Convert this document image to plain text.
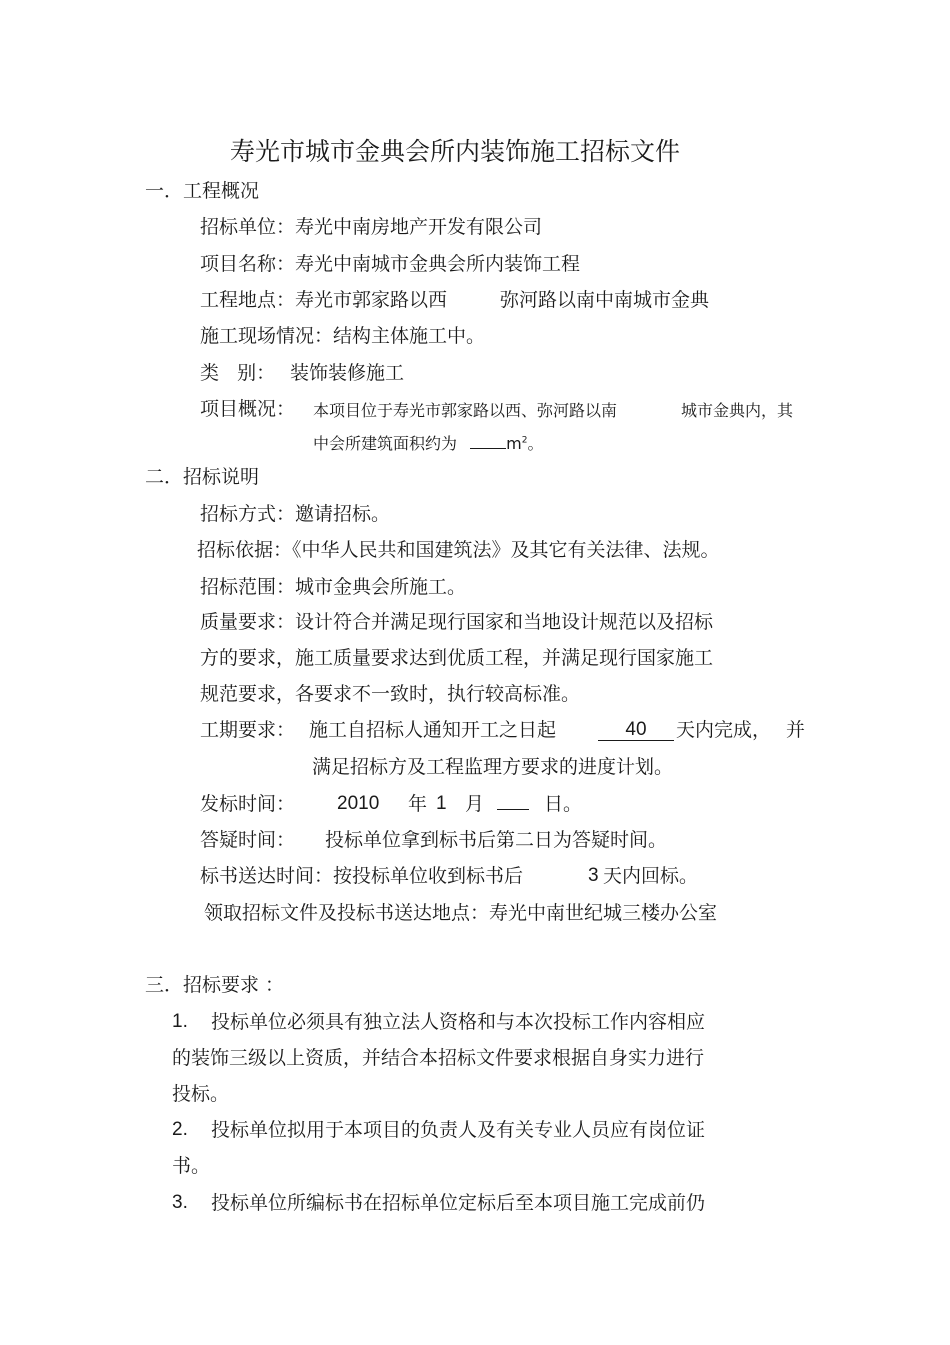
寿光市城市金典会所内装饰施工招标文件
一．工程概况
招标单位：寿光中南房地产开发有限公司
项目名称：寿光中南城市金典会所内装饰工程
工程地点：寿光市郭家路以西	弥河路以南中南城市金典
施工现场情况：结构主体施工中。
类   别： 装饰装修施工
项目概况： 本项目位于寿光市郭家路以西、弥河路以南	城市金典内，其
中会所建筑面积约为	$m^2$。
二．招标说明
招标方式：邀请招标。
招标依据：《中华人民共和国建筑法》及其它有关法律、法规。
招标范围：城市金典会所施工。
质量要求：设计符合并满足现行国家和当地设计规范以及招标
方的要求，施工质量要求达到优质工程，并满足现行国家施工
规范要求，各要求不一致时，执行较高标准。
工期要求： 施工自招标人通知开工之日起	40	天内完成， 并
满足招标方及工程监理方要求的进度计划。
发标时间： 2010 年 1 月	日。
答疑时间： 投标单位拿到标书后第二日为答疑时间。
标书送达时间：按投标单位收到标书后	3 天内回标。
领取招标文件及投标书送达地点：寿光中南世纪城三楼办公室
三．招标要求 ：
1. 投标单位必须具有独立法人资格和与本次投标工作内容相应
的装饰三级以上资质，并结合本招标文件要求根据自身实力进行
投标。
2. 投标单位拟用于本项目的负责人及有关专业人员应有岗位证
书。
3. 投标单位所编标书在招标单位定标后至本项目施工完成前仍
